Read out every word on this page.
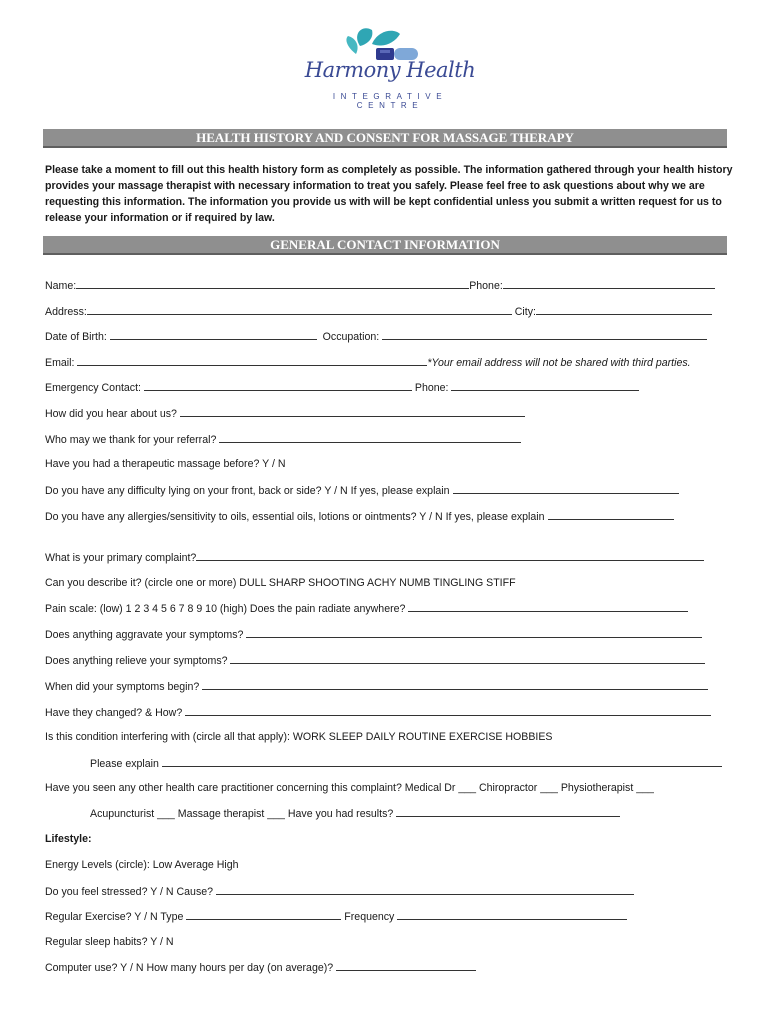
Harmony Health
INTEGRATIVE CENTRE
HEALTH HISTORY AND CONSENT FOR MASSAGE THERAPY
Please take a moment to fill out this health history form as completely as possible. The information gathered through your health history provides your massage therapist with necessary information to treat you safely. Please feel free to ask questions about why we are requesting this information. The information you provide us with will be kept confidential unless you submit a written request for us to release your information or if required by law.
GENERAL CONTACT INFORMATION
Name:	Phone:
Address:	City:
Date of Birth:	Occupation:
Email:	*Your email address will not be shared with third parties.
Emergency Contact:	Phone:
How did you hear about us?
Who may we thank for your referral?
Have you had a therapeutic massage before? Y / N
Do you have any difficulty lying on your front, back or side? Y / N If yes, please explain
Do you have any allergies/sensitivity to oils, essential oils, lotions or ointments? Y / N If yes, please explain
What is your primary complaint?
Can you describe it? (circle one or more) DULL SHARP SHOOTING ACHY NUMB TINGLING STIFF
Pain scale: (low) 1 2 3 4 5 6 7 8 9 10 (high) Does the pain radiate anywhere?
Does anything aggravate your symptoms?
Does anything relieve your symptoms?
When did your symptoms begin?
Have they changed? & How?
Is this condition interfering with (circle all that apply): WORK SLEEP DAILY ROUTINE EXERCISE HOBBIES
Please explain
Have you seen any other health care practitioner concerning this complaint? Medical Dr ___ Chiropractor ___ Physiotherapist ___
Acupuncturist ___ Massage therapist ___ Have you had results?
Lifestyle:
Energy Levels (circle): Low Average High
Do you feel stressed? Y / N Cause?
Regular Exercise? Y / N Type	Frequency
Regular sleep habits? Y / N
Computer use? Y / N How many hours per day (on average)?
